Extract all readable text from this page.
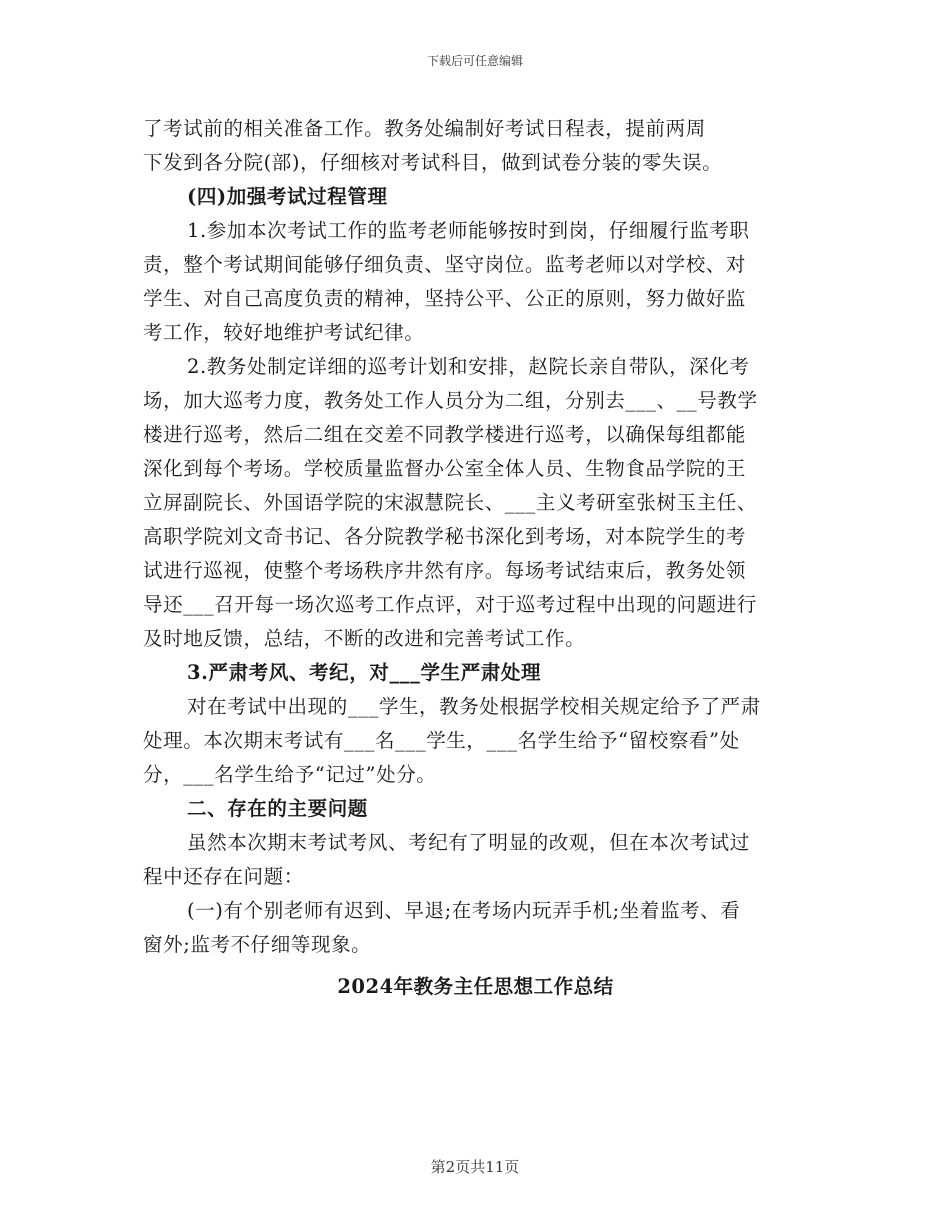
下载后可任意编辑
了考试前的相关准备工作。教务处编制好考试日程表，提前两周
下发到各分院(部)，仔细核对考试科目，做到试卷分装的零失误。
(四)加强考试过程管理
1.参加本次考试工作的监考老师能够按时到岗，仔细履行监考职
责，整个考试期间能够仔细负责、坚守岗位。监考老师以对学校、对
学生、对自己高度负责的精神，坚持公平、公正的原则，努力做好监
考工作，较好地维护考试纪律。
2.教务处制定详细的巡考计划和安排，赵院长亲自带队，深化考
场，加大巡考力度，教务处工作人员分为二组，分别去___、__号教学
楼进行巡考，然后二组在交差不同教学楼进行巡考，以确保每组都能
深化到每个考场。学校质量监督办公室全体人员、生物食品学院的王
立屏副院长、外国语学院的宋淑慧院长、___主义考研室张树玉主任、
高职学院刘文奇书记、各分院教学秘书深化到考场，对本院学生的考
试进行巡视，使整个考场秩序井然有序。每场考试结束后，教务处领
导还___召开每一场次巡考工作点评，对于巡考过程中出现的问题进行
及时地反馈，总结，不断的改进和完善考试工作。
3.严肃考风、考纪，对___学生严肃处理
对在考试中出现的___学生，教务处根据学校相关规定给予了严肃
处理。本次期末考试有___名___学生，___名学生给予“留校察看”处
分，___名学生给予“记过”处分。
二、存在的主要问题
虽然本次期末考试考风、考纪有了明显的改观，但在本次考试过
程中还存在问题：
(一)有个别老师有迟到、早退;在考场内玩弄手机;坐着监考、看
窗外;监考不仔细等现象。
2024年教务主任思想工作总结
第2页共11页
